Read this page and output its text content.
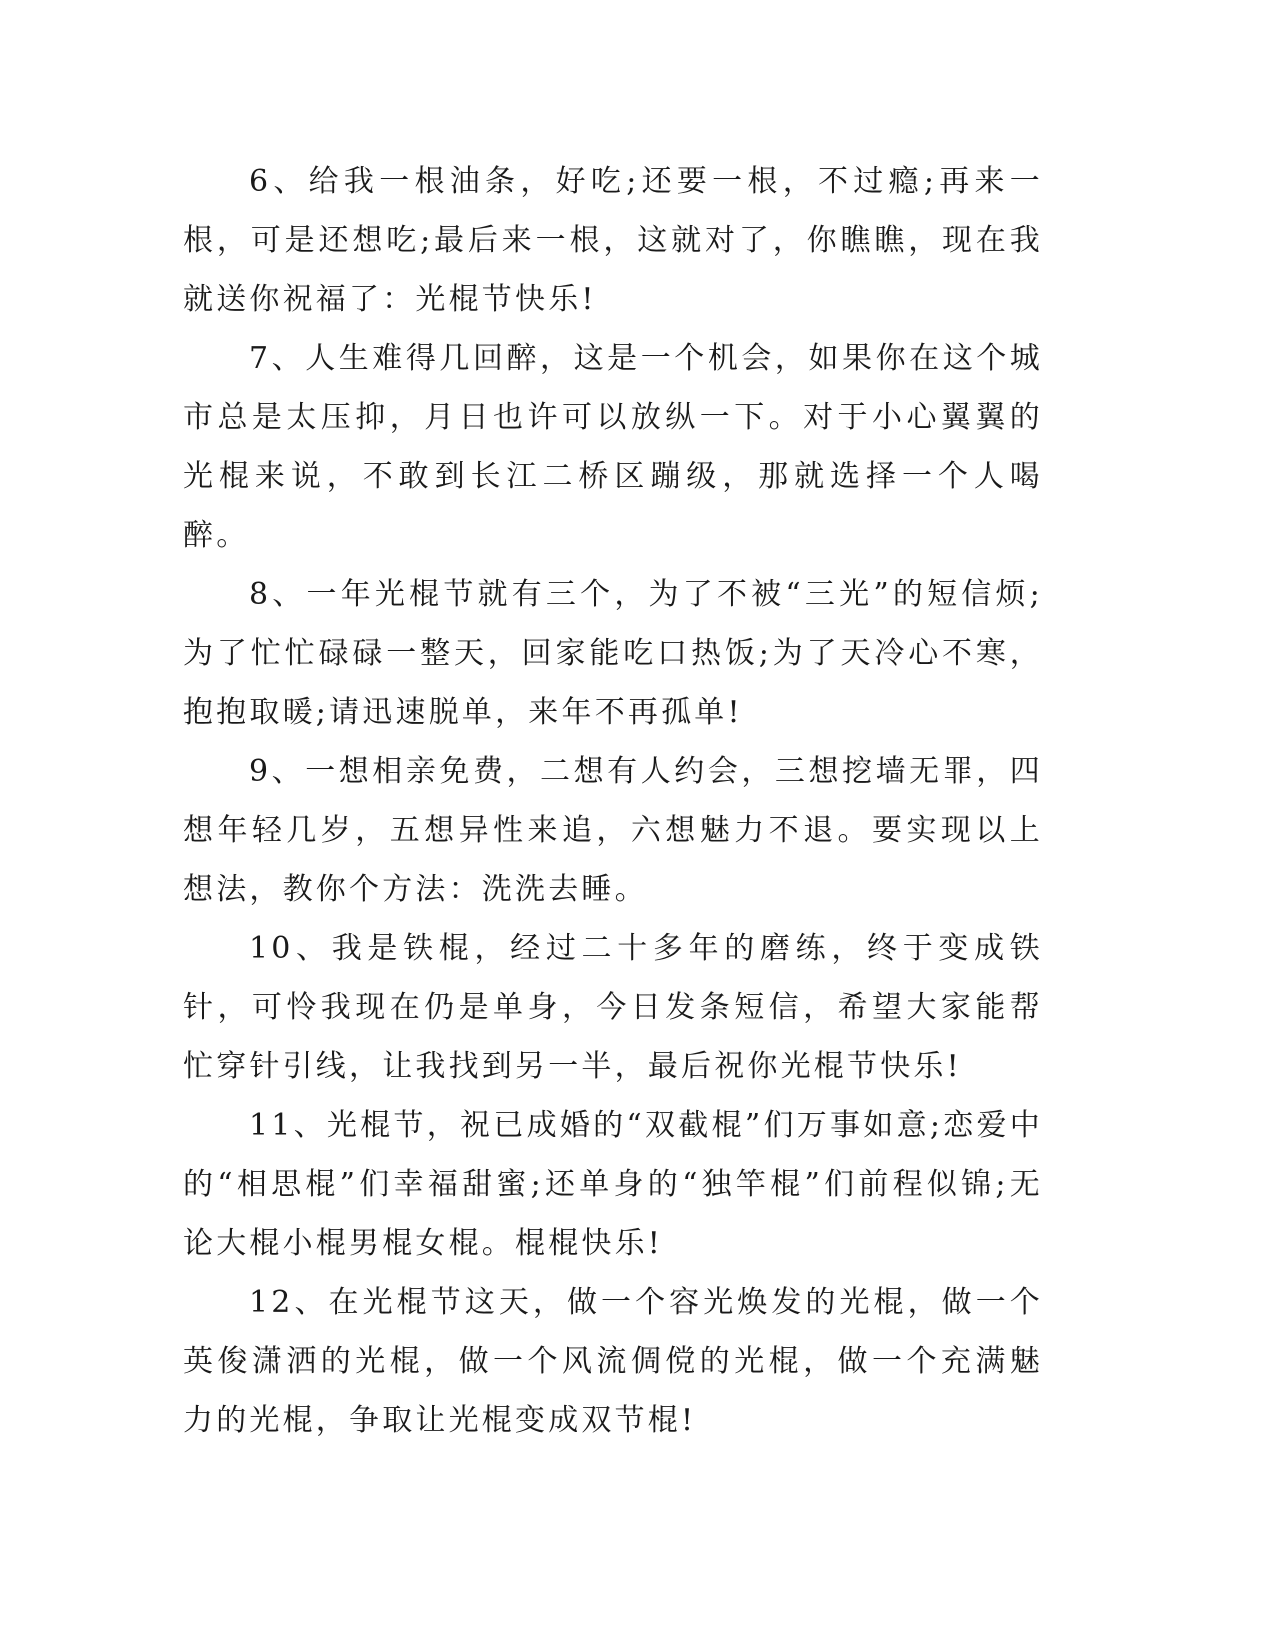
6、给我一根油条，好吃;还要一根，不过瘾;再来一根，可是还想吃;最后来一根，这就对了，你瞧瞧，现在我就送你祝福了：光棍节快乐!

7、人生难得几回醉，这是一个机会，如果你在这个城市总是太压抑，月日也许可以放纵一下。对于小心翼翼的光棍来说，不敢到长江二桥区蹦级，那就选择一个人喝醉。

8、一年光棍节就有三个，为了不被“三光”的短信烦;为了忙忙碌碌一整天，回家能吃口热饭;为了天冷心不寒，抱抱取暖;请迅速脱单，来年不再孤单!

9、一想相亲免费，二想有人约会，三想挖墙无罪，四想年轻几岁，五想异性来追，六想魅力不退。要实现以上想法，教你个方法：洗洗去睡。

10、我是铁棍，经过二十多年的磨练，终于变成铁针，可怜我现在仍是单身，今日发条短信，希望大家能帮忙穿针引线，让我找到另一半，最后祝你光棍节快乐!

11、光棍节，祝已成婚的“双截棍”们万事如意;恋爱中的“相思棍”们幸福甜蜜;还单身的“独竿棍”们前程似锦;无论大棍小棍男棍女棍。棍棍快乐!

12、在光棍节这天，做一个容光焕发的光棍，做一个英俊潇洒的光棍，做一个风流倜傥的光棍，做一个充满魅力的光棍，争取让光棍变成双节棍!
